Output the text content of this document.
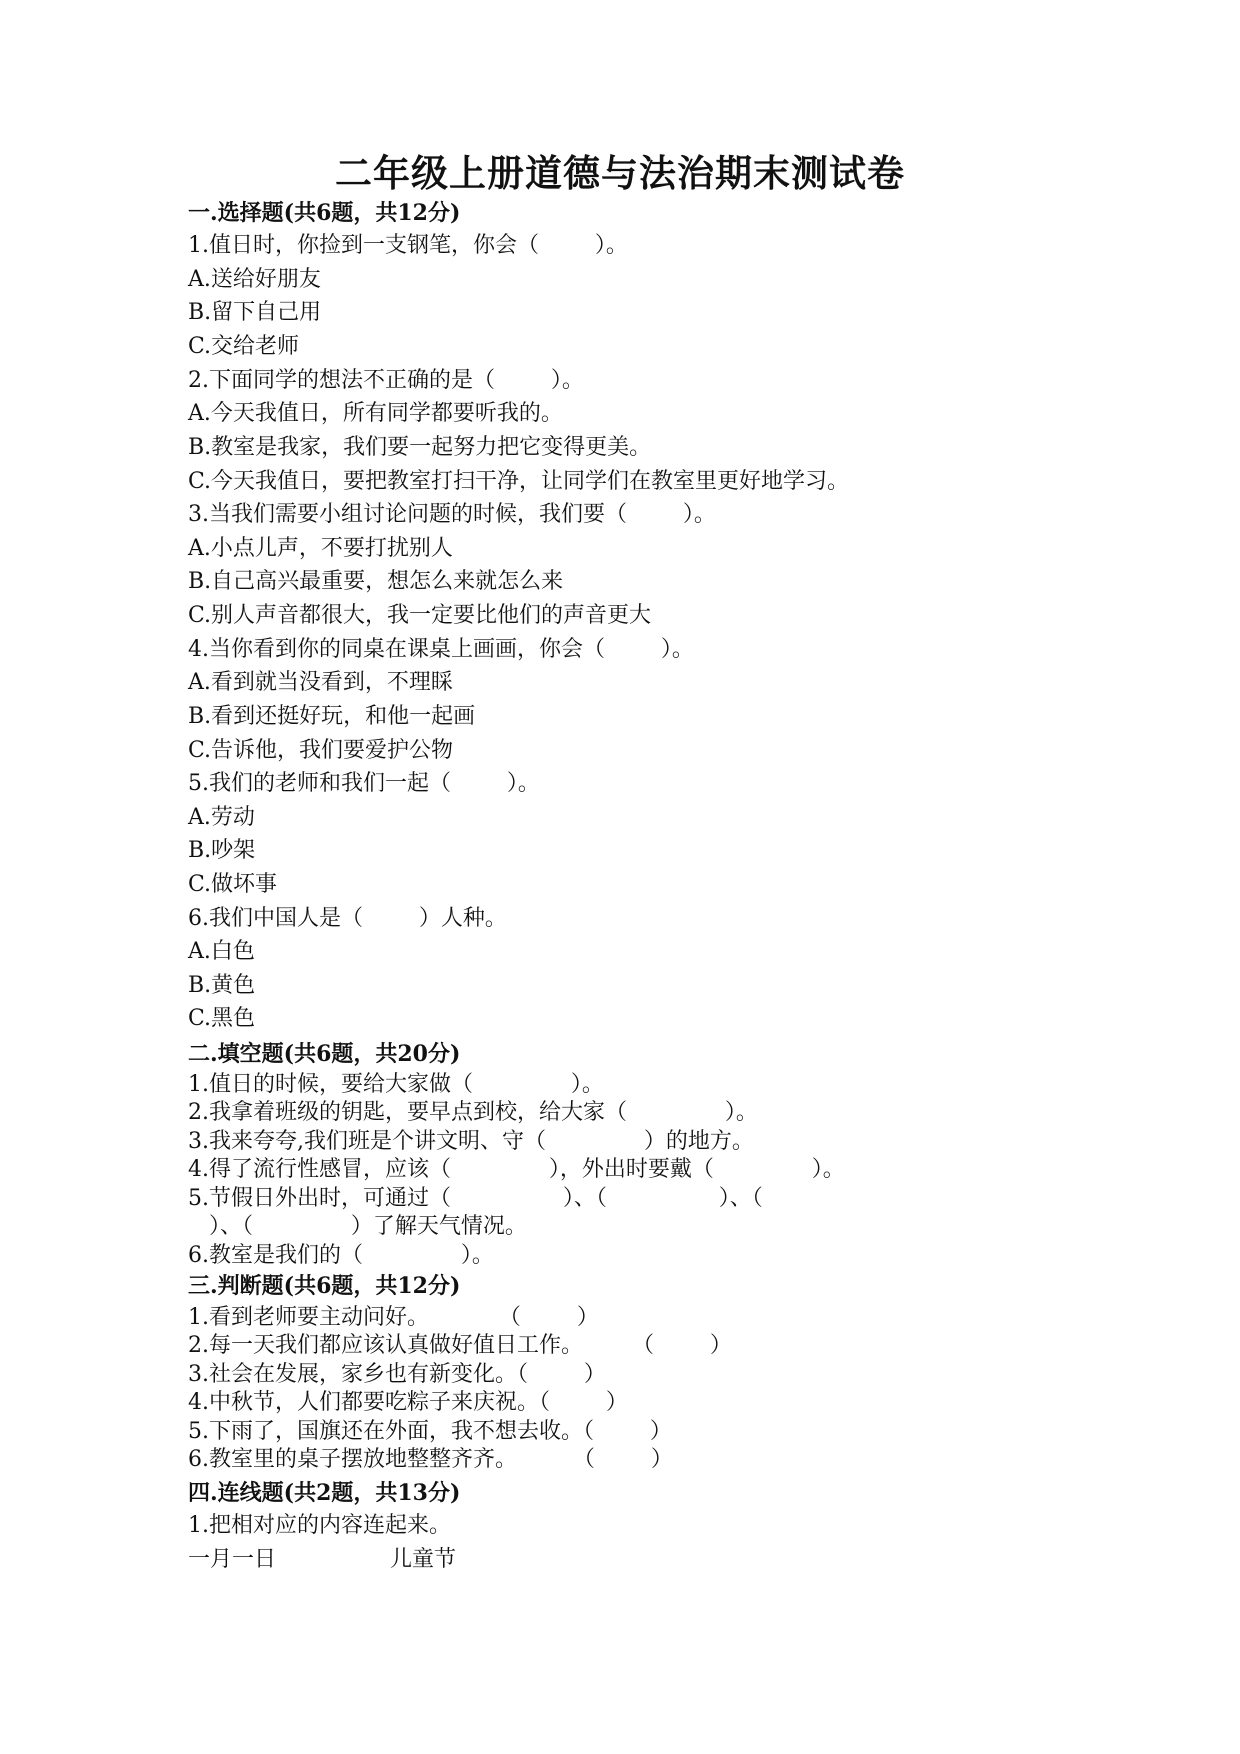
二年级上册道德与法治期末测试卷
一.选择题(共6题，共12分)
1.值日时，你捡到一支钢笔，你会（        ）。
A.送给好朋友
B.留下自己用
C.交给老师
2.下面同学的想法不正确的是（        ）。
A.今天我值日，所有同学都要听我的。
B.教室是我家，我们要一起努力把它变得更美。
C.今天我值日，要把教室打扫干净，让同学们在教室里更好地学习。
3.当我们需要小组讨论问题的时候，我们要（        ）。
A.小点儿声，不要打扰别人
B.自己高兴最重要，想怎么来就怎么来
C.别人声音都很大，我一定要比他们的声音更大
4.当你看到你的同桌在课桌上画画，你会（        ）。
A.看到就当没看到，不理睬
B.看到还挺好玩，和他一起画
C.告诉他，我们要爱护公物
5.我们的老师和我们一起（        ）。
A.劳动
B.吵架
C.做坏事
6.我们中国人是（        ）人种。
A.白色
B.黄色
C.黑色
二.填空题(共6题，共20分)
1.值日的时候，要给大家做（              ）。
2.我拿着班级的钥匙，要早点到校，给大家（              ）。
3.我来夸夸,我们班是个讲文明、守（              ）的地方。
4.得了流行性感冒，应该（              ），外出时要戴（              ）。
5.节假日外出时，可通过（                ）、（                ）、（
）、（              ）了解天气情况。
6.教室是我们的（              ）。
三.判断题(共6题，共12分)
1.看到老师要主动问好。          （        ）
2.每一天我们都应该认真做好值日工作。       （        ）
3.社会在发展，家乡也有新变化。（        ）
4.中秋节，人们都要吃粽子来庆祝。（        ）
5.下雨了，国旗还在外面，我不想去收。（        ）
6.教室里的桌子摆放地整整齐齐。        （        ）
四.连线题(共2题，共13分)
1.把相对应的内容连起来。
一月一日	儿童节
